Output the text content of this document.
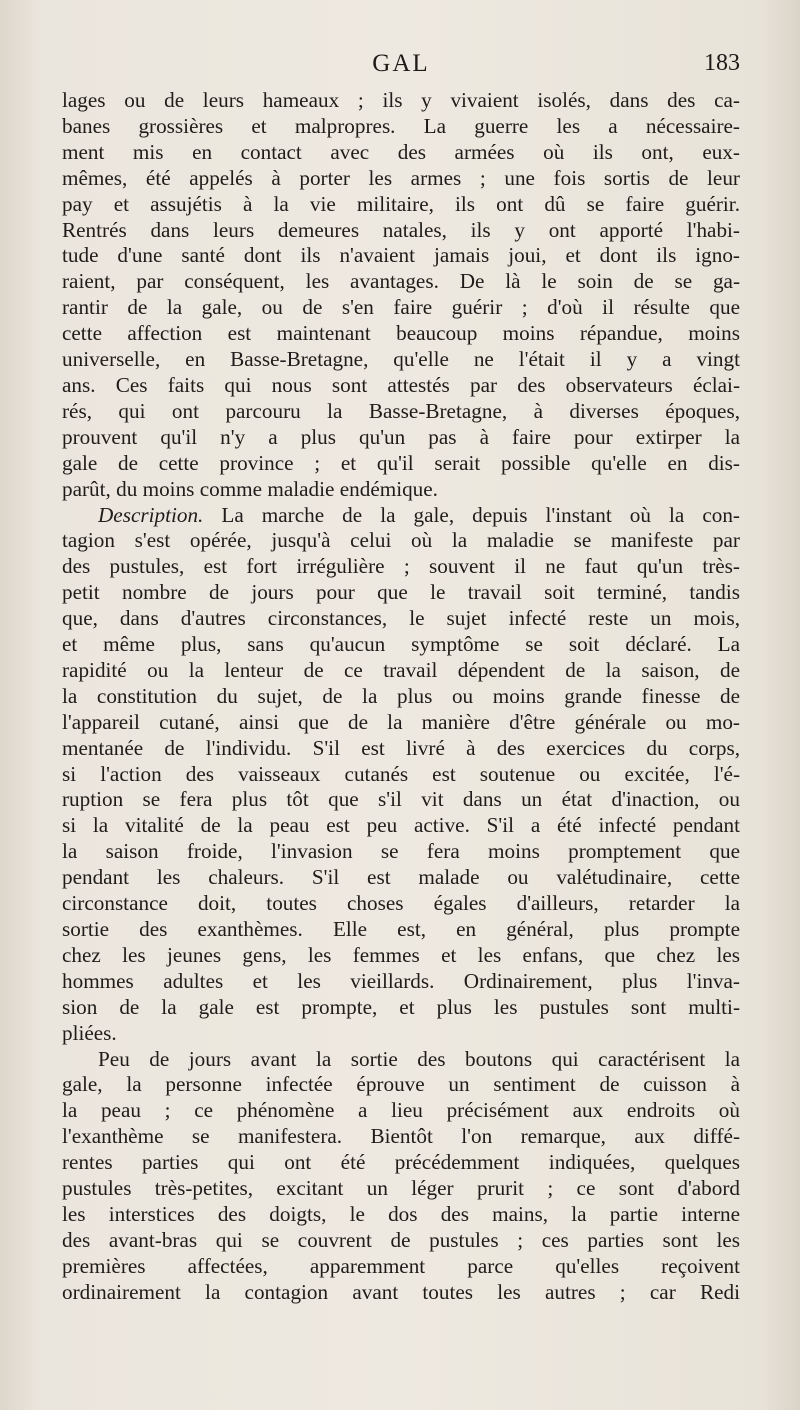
GAL	183
lages ou de leurs hameaux ; ils y vivaient isolés, dans des ca-
banes grossières et malpropres. La guerre les a nécessaire-
ment mis en contact avec des armées où ils ont, eux-
mêmes, été appelés à porter les armes ; une fois sortis de leur
pay et assujétis à la vie militaire, ils ont dû se faire guérir.
Rentrés dans leurs demeures natales, ils y ont apporté l'habi-
tude d'une santé dont ils n'avaient jamais joui, et dont ils igno-
raient, par conséquent, les avantages. De là le soin de se ga-
rantir de la gale, ou de s'en faire guérir ; d'où il résulte que
cette affection est maintenant beaucoup moins répandue, moins
universelle, en Basse-Bretagne, qu'elle ne l'était il y a vingt
ans. Ces faits qui nous sont attestés par des observateurs éclai-
rés, qui ont parcouru la Basse-Bretagne, à diverses époques,
prouvent qu'il n'y a plus qu'un pas à faire pour extirper la
gale de cette province ; et qu'il serait possible qu'elle en dis-
parût, du moins comme maladie endémique.
Description. La marche de la gale, depuis l'instant où la con-
tagion s'est opérée, jusqu'à celui où la maladie se manifeste par
des pustules, est fort irrégulière ; souvent il ne faut qu'un très-
petit nombre de jours pour que le travail soit terminé, tandis
que, dans d'autres circonstances, le sujet infecté reste un mois,
et même plus, sans qu'aucun symptôme se soit déclaré. La
rapidité ou la lenteur de ce travail dépendent de la saison, de
la constitution du sujet, de la plus ou moins grande finesse de
l'appareil cutané, ainsi que de la manière d'être générale ou mo-
mentanée de l'individu. S'il est livré à des exercices du corps,
si l'action des vaisseaux cutanés est soutenue ou excitée, l'é-
ruption se fera plus tôt que s'il vit dans un état d'inaction, ou
si la vitalité de la peau est peu active. S'il a été infecté pendant
la saison froide, l'invasion se fera moins promptement que
pendant les chaleurs. S'il est malade ou valétudinaire, cette
circonstance doit, toutes choses égales d'ailleurs, retarder la
sortie des exanthèmes. Elle est, en général, plus prompte
chez les jeunes gens, les femmes et les enfans, que chez les
hommes adultes et les vieillards. Ordinairement, plus l'inva-
sion de la gale est prompte, et plus les pustules sont multi-
pliées.
Peu de jours avant la sortie des boutons qui caractérisent la
gale, la personne infectée éprouve un sentiment de cuisson à
la peau ; ce phénomène a lieu précisément aux endroits où
l'exanthème se manifestera. Bientôt l'on remarque, aux diffé-
rentes parties qui ont été précédemment indiquées, quelques
pustules très-petites, excitant un léger prurit ; ce sont d'abord
les interstices des doigts, le dos des mains, la partie interne
des avant-bras qui se couvrent de pustules ; ces parties sont les
premières affectées, apparemment parce qu'elles reçoivent
ordinairement la contagion avant toutes les autres ; car Redi
